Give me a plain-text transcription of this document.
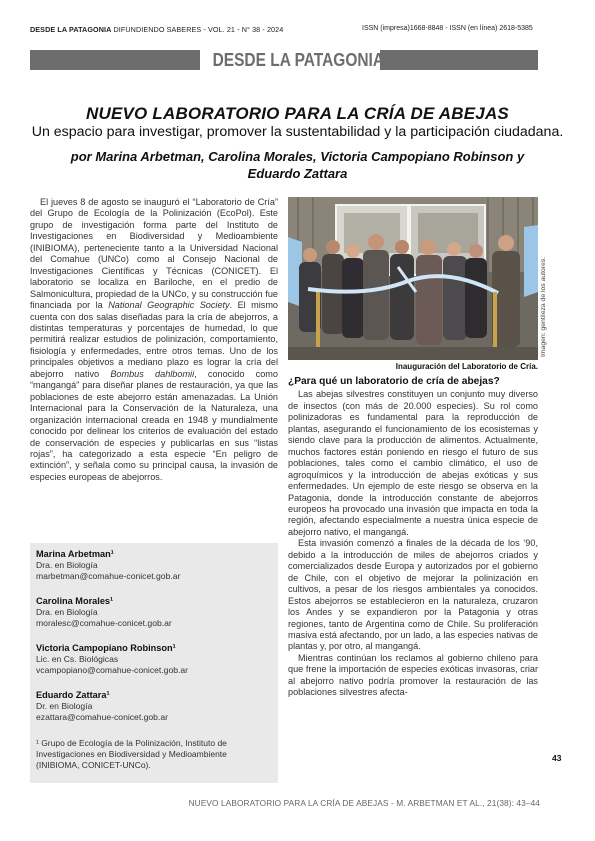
DESDE LA PATAGONIA DIFUNDIENDO SABERES - VOL. 21 - N° 38 - 2024	ISSN (impresa)1668-8848 - ISSN (en línea) 2618-5385
DESDE LA PATAGONIA
NUEVO LABORATORIO PARA LA CRÍA DE ABEJAS
Un espacio para investigar, promover la sustentabilidad y la participación ciudadana.
por Marina Arbetman, Carolina Morales, Victoria Campopiano Robinson y
Eduardo Zattara

El jueves 8 de agosto se inauguró el “Laboratorio de Cría” del Grupo de Ecología de la Polinización (EcoPol). Este grupo de investigación forma parte del Instituto de Investigaciones en Biodiversidad y Medioambiente (INIBIOMA), perteneciente tanto a la Universidad Nacional del Comahue (UNCo) como al Consejo Nacional de Investigaciones Científicas y Técnicas (CONICET). El laboratorio se localiza en Bariloche, en el predio de Salmonicultura, propiedad de la UNCo, y su construcción fue financiada por la National Geographic Society. El mismo cuenta con dos salas diseñadas para la cría de abejorros, a distintas temperaturas y porcentajes de humedad, lo que permitirá realizar estudios de polinización, comportamiento, fisiología y enfermedades, entre otros temas. Uno de los principales objetivos a mediano plazo es lograr la cría del abejorro nativo Bombus dahlbomii, conocido como “mangangá” para diseñar planes de restauración, ya que las poblaciones de este abejorro están amenazadas. La Unión Internacional para la Conservación de la Naturaleza, una organización internacional creada en 1948 y mundialmente conocido por delinear los criterios de evaluación del estado de conservación de especies y publicarlas en sus “listas rojas”, ha categorizado a esta especie “En peligro de extinción”, y señala como su principal causa, la invasión de especies europeas de abejorros.

Inauguración del Laboratorio de Cría.
Imagen: gentileza de los autores.
¿Para qué un laboratorio de cría de abejas?

Las abejas silvestres constituyen un conjunto muy diverso de insectos (con más de 20.000 especies). Su rol como polinizadoras es fundamental para la reproducción de plantas, asegurando el funcionamiento de los ecosistemas y siendo clave para la producción de alimentos. Actualmente, muchos factores están poniendo en riesgo el futuro de sus poblaciones, tales como el cambio climático, el uso de agroquímicos y la introducción de abejas exóticas y sus enfermedades. Un ejemplo de este riesgo se observa en la Patagonia, donde la introducción constante de abejorros europeos ha provocado una invasión que impacta en toda la región, afectando especialmente a nuestra única especie de abejorro nativo, el mangangá.

Esta invasión comenzó a finales de la década de los ’90, debido a la introducción de miles de abejorros criados y comercializados desde Europa y autorizados por el gobierno de Chile, con el objetivo de mejorar la polinización en cultivos, a pesar de los riesgos ambientales ya conocidos. Estos abejorros se establecieron en la naturaleza, cruzaron los Andes y se expandieron por la Patagonia y otras regiones, tanto de Argentina como de Chile. Su proliferación masiva está afectando, por un lado, a las especies nativas de plantas y, por otro, al mangangá.

Mientras continúan los reclamos al gobierno chileno para que frene la importación de especies exóticas invasoras, criar al abejorro nativo podría promover la restauración de las poblaciones silvestres afecta-

Marina Arbetman¹
Dra. en Biología
marbetman@comahue-conicet.gob.ar
Carolina Morales¹
Dra. en Biología
moralesc@comahue-conicet.gob.ar
Victoria Campopiano Robinson¹
Lic. en Cs. Biológicas
vcampopiano@comahue-conicet.gob.ar
Eduardo Zattara¹
Dr. en Biología
ezattara@comahue-conicet.gob.ar
¹ Grupo de Ecología de la Polinización, Instituto de Investigaciones en Biodiversidad y Medioambiente (INIBIOMA, CONICET-UNCo).
43
NUEVO LABORATORIO PARA LA CRÍA DE ABEJAS - M. ARBETMAN ET AL., 21(38): 43–44
